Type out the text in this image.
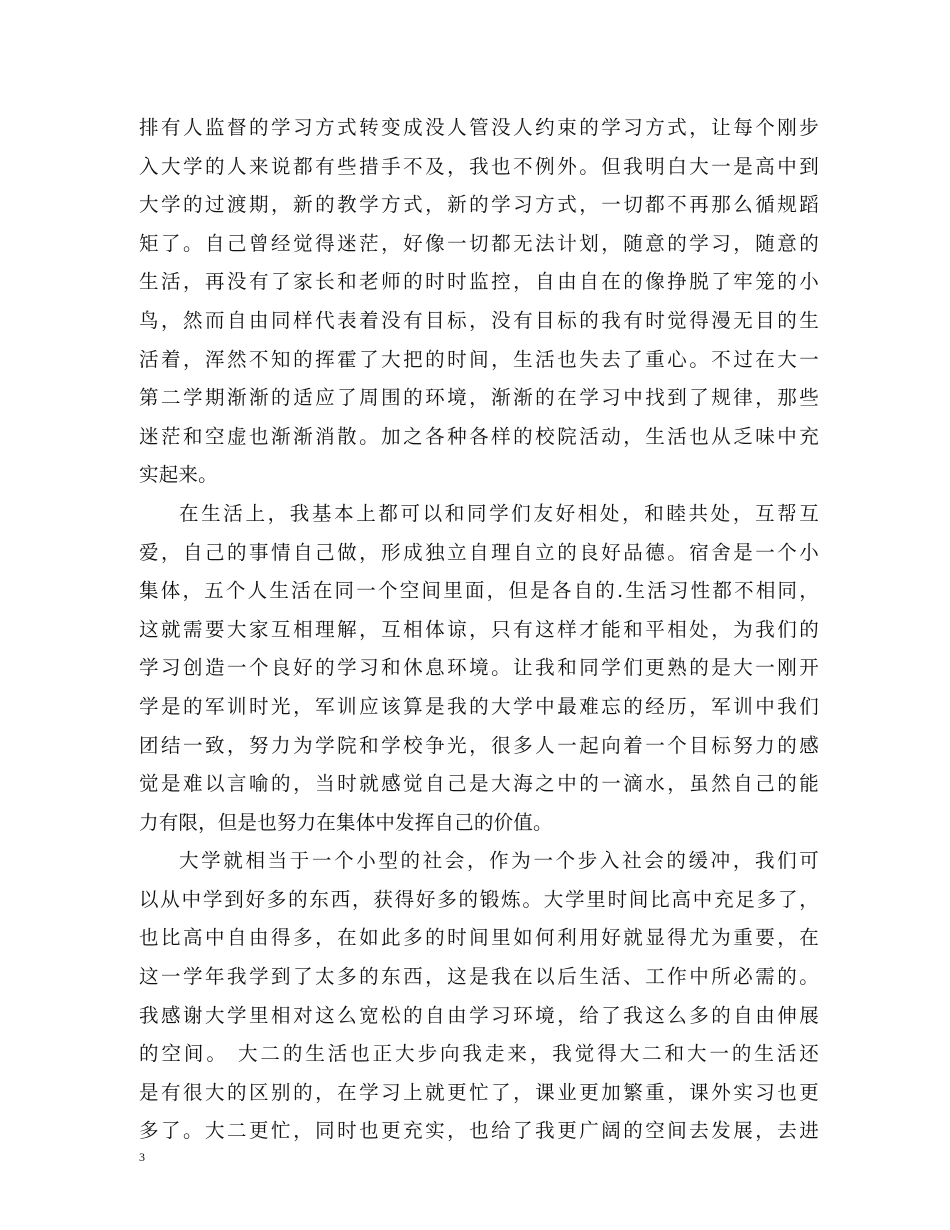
排有人监督的学习方式转变成没人管没人约束的学习方式，让每个刚步
入大学的人来说都有些措手不及，我也不例外。但我明白大一是高中到
大学的过渡期，新的教学方式，新的学习方式，一切都不再那么循规蹈
矩了。自己曾经觉得迷茫，好像一切都无法计划，随意的学习，随意的
生活，再没有了家长和老师的时时监控，自由自在的像挣脱了牢笼的小
鸟，然而自由同样代表着没有目标，没有目标的我有时觉得漫无目的生
活着，浑然不知的挥霍了大把的时间，生活也失去了重心。不过在大一
第二学期渐渐的适应了周围的环境，渐渐的在学习中找到了规律，那些
迷茫和空虚也渐渐消散。加之各种各样的校院活动，生活也从乏味中充
实起来。
在生活上，我基本上都可以和同学们友好相处，和睦共处，互帮互
爱，自己的事情自己做，形成独立自理自立的良好品德。宿舍是一个小
集体，五个人生活在同一个空间里面，但是各自的.生活习性都不相同，
这就需要大家互相理解，互相体谅，只有这样才能和平相处，为我们的
学习创造一个良好的学习和休息环境。让我和同学们更熟的是大一刚开
学是的军训时光，军训应该算是我的大学中最难忘的经历，军训中我们
团结一致，努力为学院和学校争光，很多人一起向着一个目标努力的感
觉是难以言喻的，当时就感觉自己是大海之中的一滴水，虽然自己的能
力有限，但是也努力在集体中发挥自己的价值。
大学就相当于一个小型的社会，作为一个步入社会的缓冲，我们可
以从中学到好多的东西，获得好多的锻炼。大学里时间比高中充足多了，
也比高中自由得多，在如此多的时间里如何利用好就显得尤为重要，在
这一学年我学到了太多的东西，这是我在以后生活、工作中所必需的。
我感谢大学里相对这么宽松的自由学习环境，给了我这么多的自由伸展
的空间。 大二的生活也正大步向我走来，我觉得大二和大一的生活还
是有很大的区别的，在学习上就更忙了，课业更加繁重，课外实习也更
多了。大二更忙，同时也更充实，也给了我更广阔的空间去发展，去进
3
